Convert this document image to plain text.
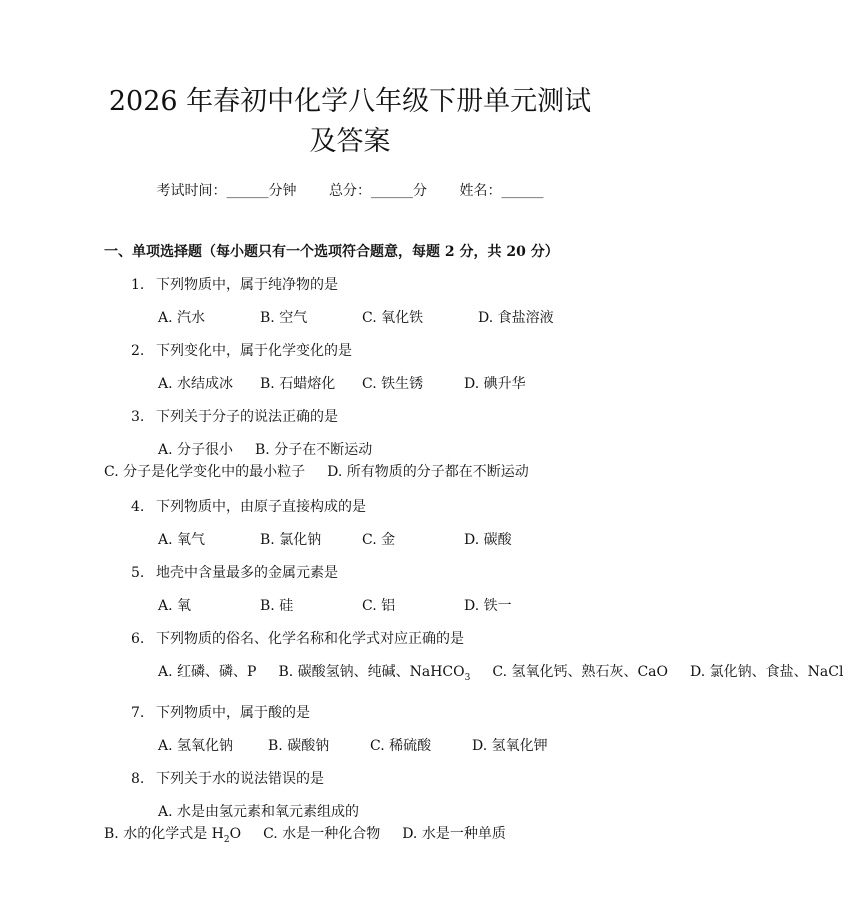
2026 年春初中化学八年级下册单元测试及答案
考试时间：______分钟 总分：______分 姓名：______
一、单项选择题（每小题只有一个选项符合题意，每题 2 分，共 20 分）
1. 下列物质中，属于纯净物的是
A. 汽水	B. 空气	C. 氧化铁	D. 食盐溶液
2. 下列变化中，属于化学变化的是
A. 水结成冰	B. 石蜡熔化	C. 铁生锈	D. 碘升华
3. 下列关于分子的说法正确的是
A. 分子很小 B. 分子在不断运动C. 分子是化学变化中的最小粒子 D. 所有物质的分子都在不断运动
4. 下列物质中，由原子直接构成的是
A. 氧气	B. 氯化钠	C. 金	D. 碳酸
5. 地壳中含量最多的金属元素是
A. 氧	B. 硅	C. 铝	D. 铁一
6. 下列物质的俗名、化学名称和化学式对应正确的是
A. 红磷、磷、P B. 碳酸氢钠、纯碱、NaHCO$_3$ C. 氢氧化钙、熟石灰、CaO D. 氯化钠、食盐、NaCl
7. 下列物质中，属于酸的是
A. 氢氧化钠	B. 碳酸钠	C. 稀硫酸	D. 氢氧化钾
8. 下列关于水的说法错误的是
A. 水是由氢元素和氧元素组成的B. 水的化学式是 $H_2O$ C. 水是一种化合物 D. 水是一种单质
